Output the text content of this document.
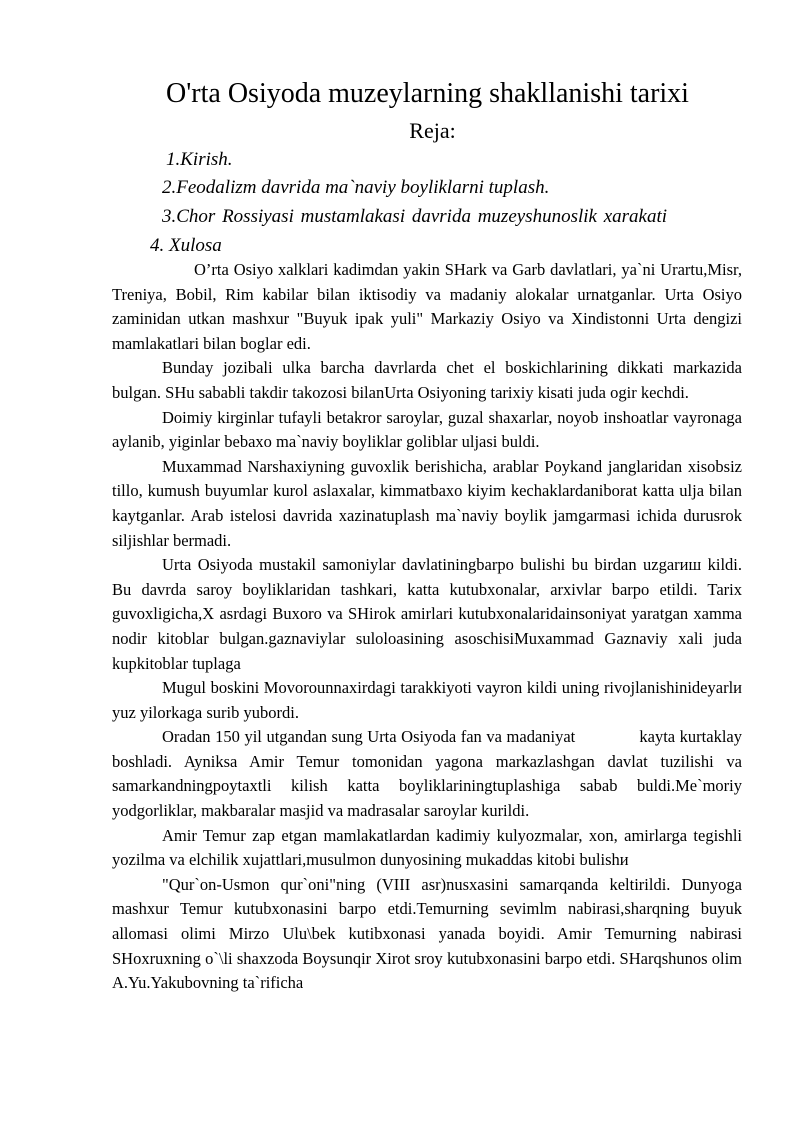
O'rta Osiyoda muzeylarning shakllanishi tarixi
Reja:
1.Kirish.
2.Feodalizm davrida ma`naviy boyliklarni tuplash.
3.Chor Rossiyasi mustamlakasi davrida muzeyshunoslik xarakati
4. Xulosa

O’rta Osiyo xalklari kadimdan yakin SHark va Garb davlatlari, ya`ni Urartu,Misr, Treniya, Bobil, Rim kabilar bilan iktisodiy va madaniy alokalar urnatganlar. Urta Osiyo zaminidan utkan mashxur "Buyuk ipak yuli" Markaziy Osiyo va Xindistonni Urta dengizi mamlakatlari bilan boglar edi.

Bunday jozibali ulka barcha davrlarda chet el boskichlarining dikkati markazida bulgan. SHu sababli takdir takozosi bilanUrta Osiyoning tarixiy kisati juda ogir kechdi.

Doimiy kirginlar tufayli betakror saroylar, guzal shaxarlar, noyob inshoatlar vayronaga aylanib, yiginlar bebaxo ma`naviy boyliklar goliblar uljasi buldi.

Muxammad Narshaxiyning guvoxlik berishicha, arablar Poykand janglaridan xisobsiz tillo, kumush buyumlar kurol aslaxalar, kimmatbaxo kiyim kechaklardaniborat katta ulja bilan kaytganlar. Arab istelosi davrida xazinatuplash ma`naviy boylik jamgarmasi ichida durusrok siljishlar bermadi.

Urta Osiyoda mustakil samoniylar davlatiningbarpo bulishi bu birdan uzgarиш kildi. Bu davrda saroy boyliklaridan tashkari, katta kutubxonalar, arxivlar barpo etildi. Tarix guvoxligicha,X asrdagi Buxoro va SHirok amirlari kutubxonalaridainsoniyat yaratgan xamma nodir kitoblar bulgan.gaznaviylar suloloasining asoschisiMuxammad Gaznaviy xali juda kupkitoblar tuplaga

Mugul boskini Movorounnaxirdagi tarakkiyoti vayron kildi uning rivojlanishinideyarlи yuz yilorkaga surib yubordi.

Oradan 150 yil utgandan sung Urta Osiyoda fan va madaniyat              kayta kurtaklay boshladi. Ayniksa Amir Temur tomonidan yagona markazlashgan davlat tuzilishi va samarkandningpoytaxtli kilish katta boyliklariningtuplashiga sabab buldi.Me`moriy yodgorliklar, makbaralar masjid va madrasalar saroylar kurildi.

Amir Temur zap etgan mamlakatlardan kadimiy kulyozmalar, xon, amirlarga tegishli yozilma va elchilik xujattlari,musulmon dunyosining mukaddas kitobi bulishи

"Qur`on-Usmon qur`oni"ning (VIII asr)nusxasini samarqanda keltirildi. Dunyoga mashxur Temur kutubxonasini barpo etdi.Temurning sevimlm nabirasi,sharqning buyuk allomasi olimi Mirzo Ulu\bek kutibxonasi yanada boyidi. Amir Temurning nabirasi SHoxruxning o`\li shaxzoda Boysunqir Xirot sroy kutubxonasini barpo etdi. SHarqshunos olim A.Yu.Yakubovning ta`rificha
